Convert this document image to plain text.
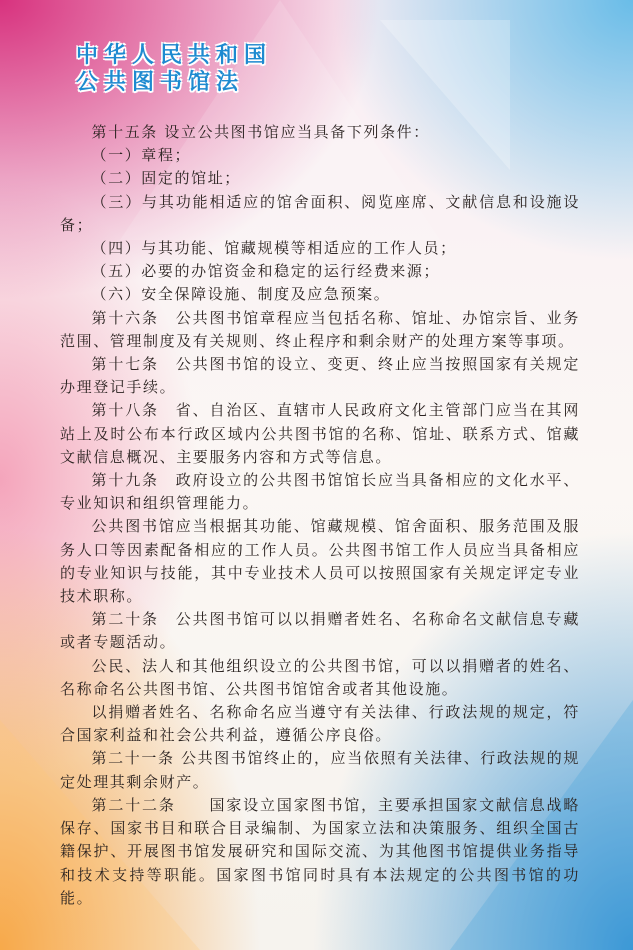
中华人民共和国
公共图书馆法

第十五条 设立公共图书馆应当具备下列条件：

（一）章程；

（二）固定的馆址；

（三）与其功能相适应的馆舍面积、阅览座席、文献信息和设施设备；

（四）与其功能、馆藏规模等相适应的工作人员；

（五）必要的办馆资金和稳定的运行经费来源；

（六）安全保障设施、制度及应急预案。

第十六条　公共图书馆章程应当包括名称、馆址、办馆宗旨、业务范围、管理制度及有关规则、终止程序和剩余财产的处理方案等事项。

第十七条　公共图书馆的设立、变更、终止应当按照国家有关规定办理登记手续。

第十八条　省、自治区、直辖市人民政府文化主管部门应当在其网站上及时公布本行政区域内公共图书馆的名称、馆址、联系方式、馆藏文献信息概况、主要服务内容和方式等信息。

第十九条　政府设立的公共图书馆馆长应当具备相应的文化水平、专业知识和组织管理能力。

公共图书馆应当根据其功能、馆藏规模、馆舍面积、服务范围及服务人口等因素配备相应的工作人员。公共图书馆工作人员应当具备相应的专业知识与技能，其中专业技术人员可以按照国家有关规定评定专业技术职称。

第二十条　公共图书馆可以以捐赠者姓名、名称命名文献信息专藏或者专题活动。

公民、法人和其他组织设立的公共图书馆，可以以捐赠者的姓名、名称命名公共图书馆、公共图书馆馆舍或者其他设施。

以捐赠者姓名、名称命名应当遵守有关法律、行政法规的规定，符合国家利益和社会公共利益，遵循公序良俗。

第二十一条 公共图书馆终止的，应当依照有关法律、行政法规的规定处理其剩余财产。

第二十二条　　国家设立国家图书馆，主要承担国家文献信息战略保存、国家书目和联合目录编制、为国家立法和决策服务、组织全国古籍保护、开展图书馆发展研究和国际交流、为其他图书馆提供业务指导和技术支持等职能。国家图书馆同时具有本法规定的公共图书馆的功能。
